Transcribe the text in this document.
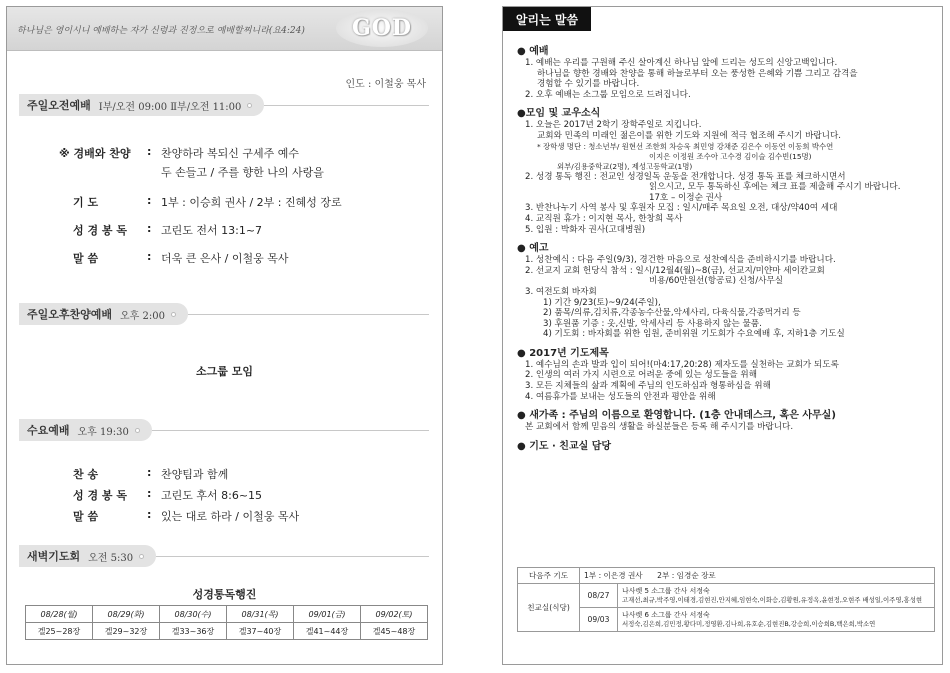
하나님은 영이시니 예배하는 자가 신령과 진정으로 예배할찌니라(요4:24) GOD
인도 : 이철웅 목사
주일오전예배 Ⅰ부/오전 09:00 Ⅱ부/오전 11:00
※ 경배와 찬양	: 찬양하라 복되신 구세주 예수
두 손들고 / 주를 향한 나의 사랑을
기 도	: 1부 : 이승희 권사 / 2부 : 진혜성 장로
성 경 봉 독	: 고린도 전서 13:1~7
말 씀	: 더욱 큰 은사 / 이철웅 목사
주일오후찬양예배 오후 2:00
소그룹 모임
수요예배 오후 19:30
찬 송	: 찬양팀과 함께
성 경 봉 독	: 고린도 후서 8:6~15
말 씀	: 있는 대로 하라 / 이철웅 목사
새벽기도회 오전 5:30
성경통독행진
08/28(월)	08/29(화)	08/30(수)	08/31(목)	09/01(금)	09/02(토)
겔25~28장	겔29~32장	겔33~36장	겔37~40장	겔41~44장	겔45~48장
알리는 말씀
● 예배
1. 예배는 우리를 구원해 주신 살아계신 하나님 앞에 드리는 성도의 신앙고백입니다.
하나님을 향한 경배와 찬양을 통해 하늘로부터 오는 풍성한 은혜와 기쁨 그리고 감격을
경험할 수 있기를 바랍니다.
2. 오후 예배는 소그룹 모임으로 드려집니다.
●모임 및 교우소식
1. 오늘은 2017년 2학기 장학주일로 지킵니다.
교회와 민족의 미래인 젊은이를 위한 기도와 지원에 적극 협조해 주시기 바랍니다.
* 장학생 명단 : 청소년부/ 원현선 조한희 차승욱 최민영 강채준 김은수 이동연 이동희 박수연
이지은 이정원 조수아 고수경 김이슬 김수빈(15명)
외부/김용중학교(2명), 제성고등학교(1명)
2. 성경 통독 행진 : 전교인 성경일독 운동을 전개합니다. 성경 통독 표를 체크하시면서
읽으시고, 모두 통독하신 후에는 체크 표를 제출해 주시기 바랍니다.
17호 – 이정순 권사
3. 반찬나누기 사역 봉사 및 후원자 모집 : 일시/매주 목요일 오전, 대상/약40여 세대
4. 교직원 휴가 : 이지현 목사, 한창희 목사
5. 입원 : 박화자 권사(고대병원)
● 예고
1. 성찬예식 : 다음 주일(9/3), 경건한 마음으로 성찬예식을 준비하시기를 바랍니다.
2. 선교지 교회 헌당식 참석 : 일시/12월4(월)~8(금), 선교지/미얀마 세이칸교회
비용/60만원선(항공료) 신청/사무실
3. 여전도회 바자회
1) 기간 9/23(토)~9/24(주일),
2) 품목/의류,김치류,각종농수산물,악세사리, 다육식물,각종먹거리 등
3) 후원품 기증 : 옷,신발, 악세사리 등 사용하지 않는 물품.
4) 기도회 : 바자회를 위한 임원, 준비위원 기도회가 수요예배 후, 지하1층 기도실
● 2017년 기도제목
1. 예수님의 손과 발과 입이 되어!(마4:17,20:28) 제자도를 실천하는 교회가 되도록
2. 인생의 여러 가지 시련으로 어려운 중에 있는 성도들을 위해
3. 모든 지체들의 삶과 계획에 주님의 인도하심과 형통하심을 위해
4. 여름휴가를 보내는 성도들의 안전과 평안을 위해
● 새가족 : 주님의 이름으로 환영합니다. (1층 안내데스크, 혹은 사무실)
본 교회에서 함께 믿음의 생활을 하실분들은 등록 해 주시기를 바랍니다.
● 기도 · 친교실 담당
다음주 기도	1부 : 이은경 권사      2부 : 임경순 장로	
친교실(식당)	08/27	나사렛 5 소그룹 간사 서정숙
고재선,최규,박주영,이태경,김현진,안지혜,임현숙,이화승,김황원,유정옥,윤현정,오현주 배성일,이주영,홍성현

	09/03	나사렛 6 소그룹 간사 서정숙
서정숙,김은희,김민정,황다미,정영환,김나희,유호순,김현진B,강승희,이승희B,백은희,박소연
